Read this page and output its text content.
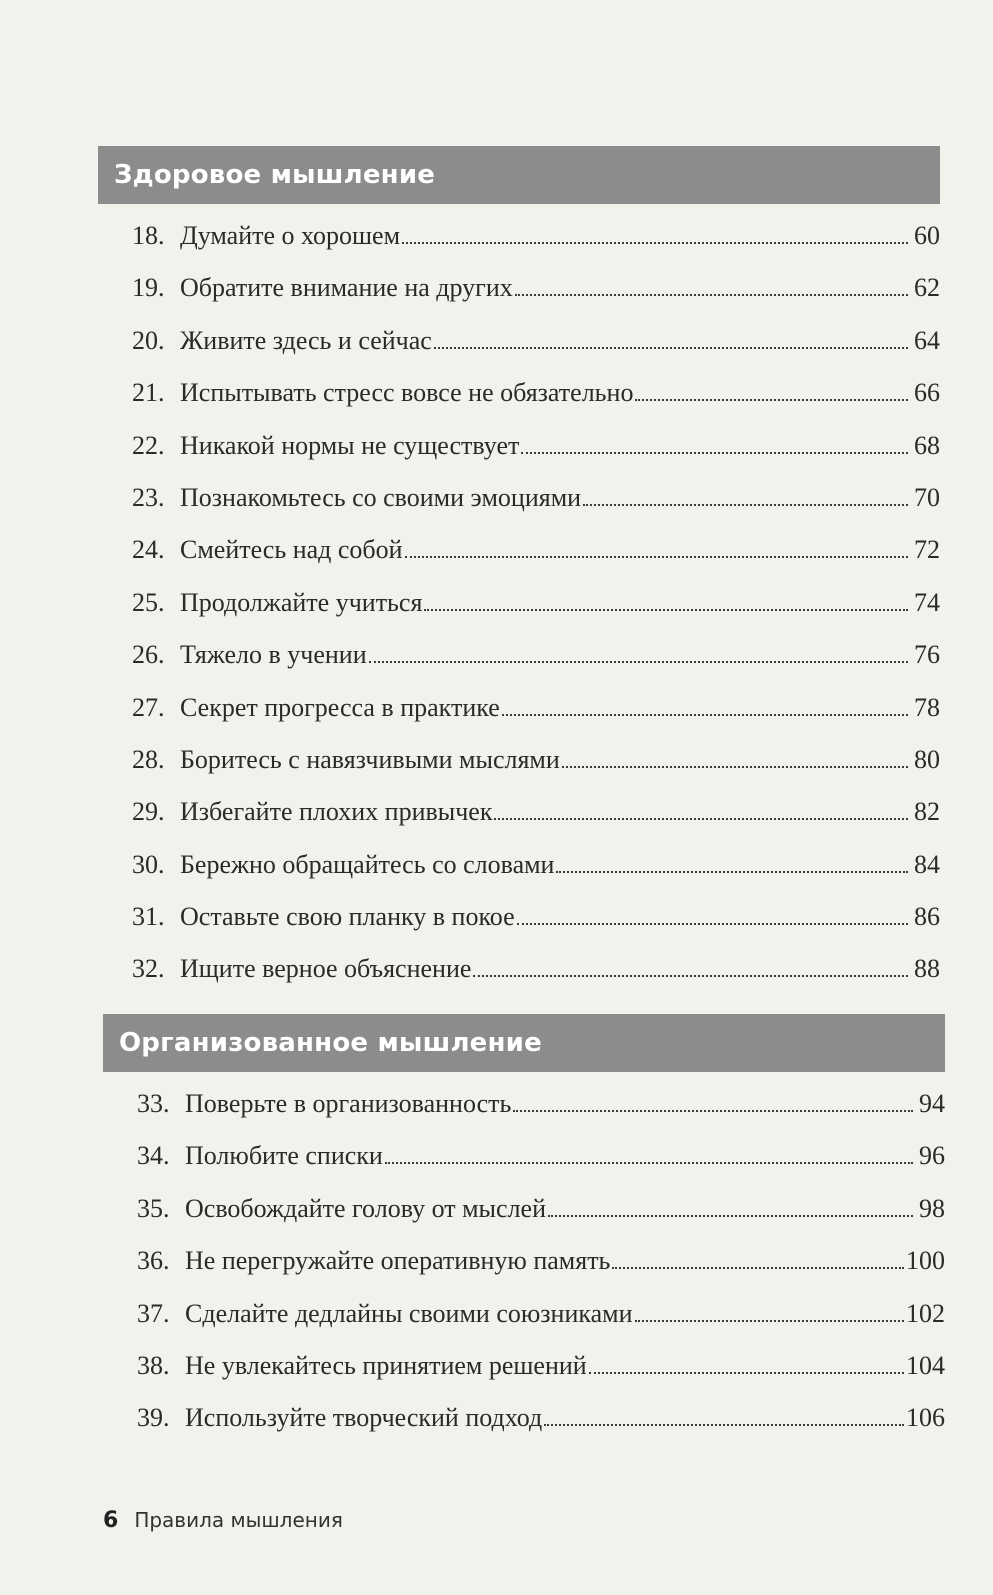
Здоровое мышление
18. Думайте о хорошем	60
19. Обратите внимание на других	62
20. Живите здесь и сейчас	64
21. Испытывать стресс вовсе не обязательно	66
22. Никакой нормы не существует	68
23. Познакомьтесь со своими эмоциями	70
24. Смейтесь над собой	72
25. Продолжайте учиться	74
26. Тяжело в учении	76
27. Секрет прогресса в практике	78
28. Боритесь с навязчивыми мыслями	80
29. Избегайте плохих привычек	82
30. Бережно обращайтесь со словами	84
31. Оставьте свою планку в покое	86
32. Ищите верное объяснение	88
Организованное мышление
33. Поверьте в организованность	94
34. Полюбите списки	96
35. Освобождайте голову от мыслей	98
36. Не перегружайте оперативную память	100
37. Сделайте дедлайны своими союзниками	102
38. Не увлекайтесь принятием решений	104
39. Используйте творческий подход	106
6 Правила мышления
